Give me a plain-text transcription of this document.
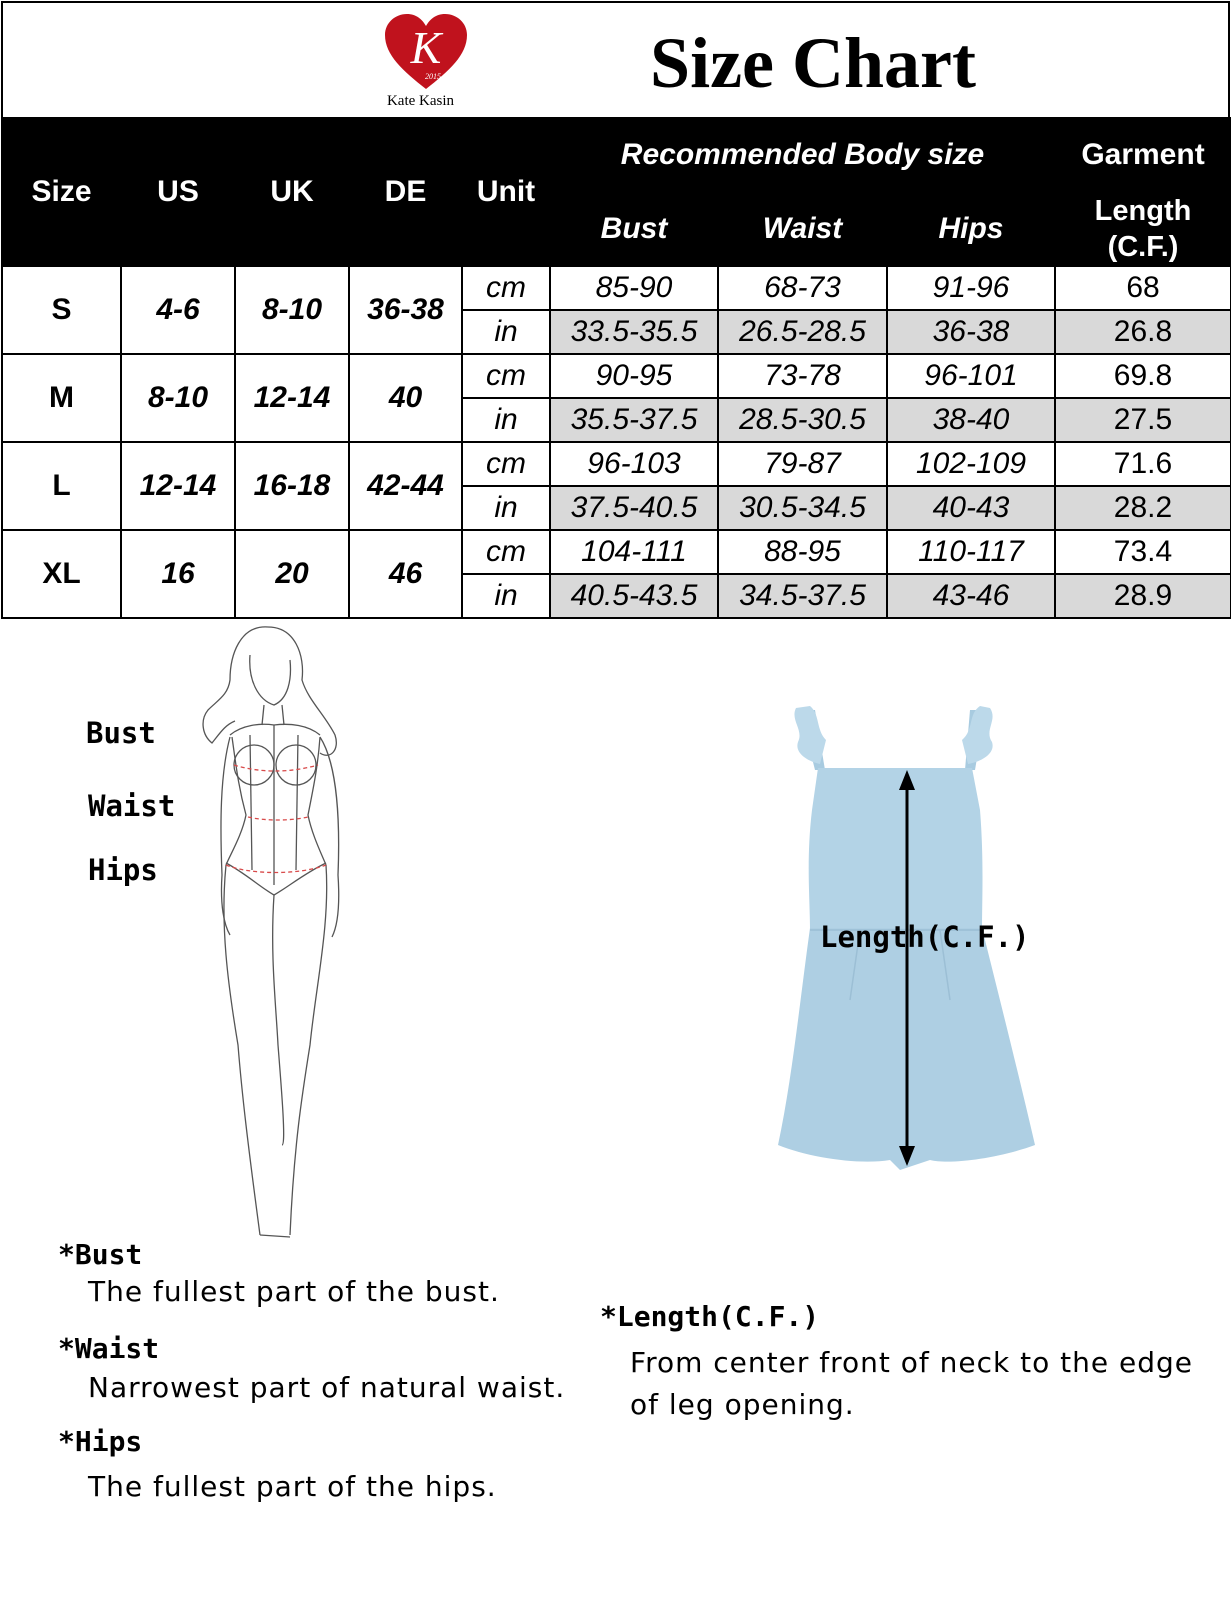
K
2015
Kate Kasin	Size Chart
Size	US	UK	DE	Unit	Recommended Body size			Garment
					Bust	Waist	Hips	Length
(C.F.)

S	4-6	8-10	36-38	cm	85-90	68-73	91-96	68
				in	33.5-35.5	26.5-28.5	36-38	26.8
M	8-10	12-14	40	cm	90-95	73-78	96-101	69.8
				in	35.5-37.5	28.5-30.5	38-40	27.5
L	12-14	16-18	42-44	cm	96-103	79-87	102-109	71.6
				in	37.5-40.5	30.5-34.5	40-43	28.2
XL	16	20	46	cm	104-111	88-95	110-117	73.4
				in	40.5-43.5	34.5-37.5	43-46	28.9
Bust
Waist
Hips
Length(C.F.)
*Bust
The fullest part of the bust.
*Waist
Narrowest part of natural waist.
*Hips
The fullest part of the hips.
*Length(C.F.)
From center front of neck to the edge
of leg opening.
